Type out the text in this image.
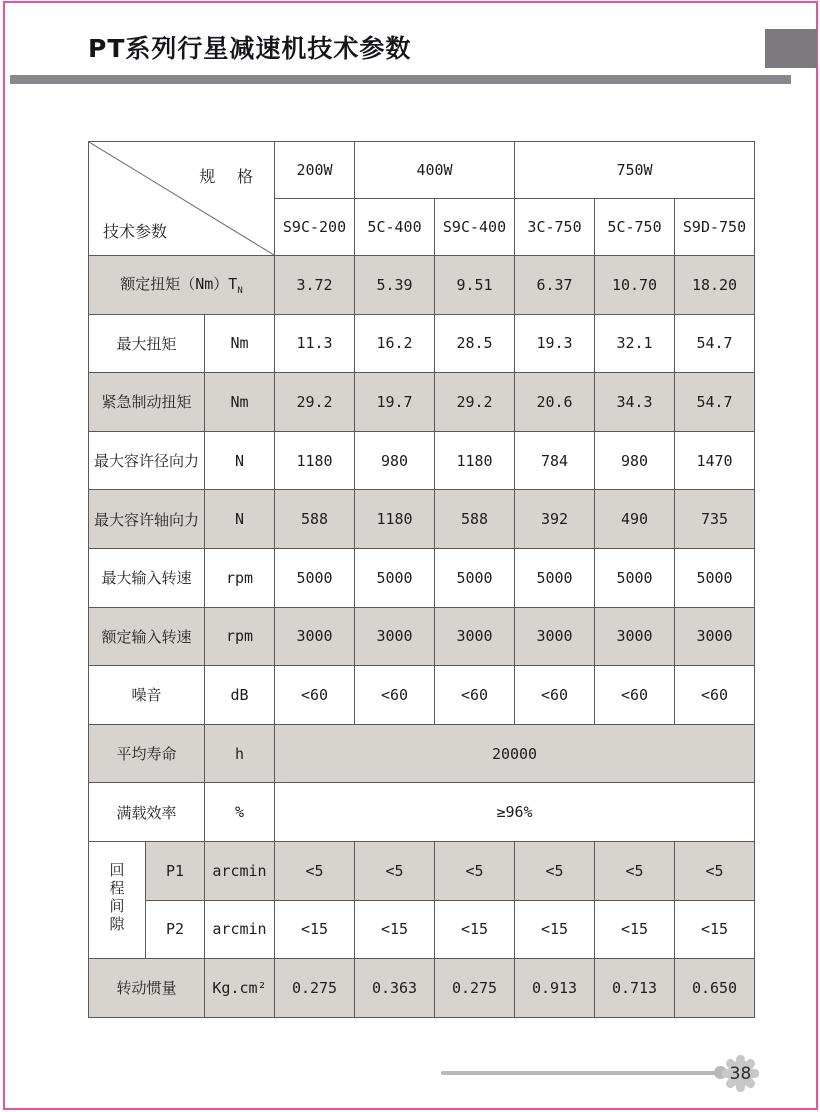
PT系列行星减速机技术参数
规 格
技术参数			200W	400W		750W		
			S9C-200	5C-400	S9C-400	3C-750	5C-750	S9D-750
额定扭矩$(Nm)T_N$			3.72	5.39	9.51	6.37	10.70	18.20
最大扭矩		Nm	11.3	16.2	28.5	19.3	32.1	54.7
紧急制动扭矩		Nm	29.2	19.7	29.2	20.6	34.3	54.7
最大容许径向力		N	1180	980	1180	784	980	1470
最大容许轴向力		N	588	1180	588	392	490	735
最大输入转速		rpm	5000	5000	5000	5000	5000	5000
额定输入转速		rpm	3000	3000	3000	3000	3000	3000
噪音		dB	<60	<60	<60	<60	<60	<60
平均寿命		h	20000					
满载效率		%	≥96%					
回程间隙	P1	arcmin	<5	<5	<5	<5	<5	<5
	P2	arcmin	<15	<15	<15	<15	<15	<15
转动惯量		Kg.cm²	0.275	0.363	0.275	0.913	0.713	0.650
38
